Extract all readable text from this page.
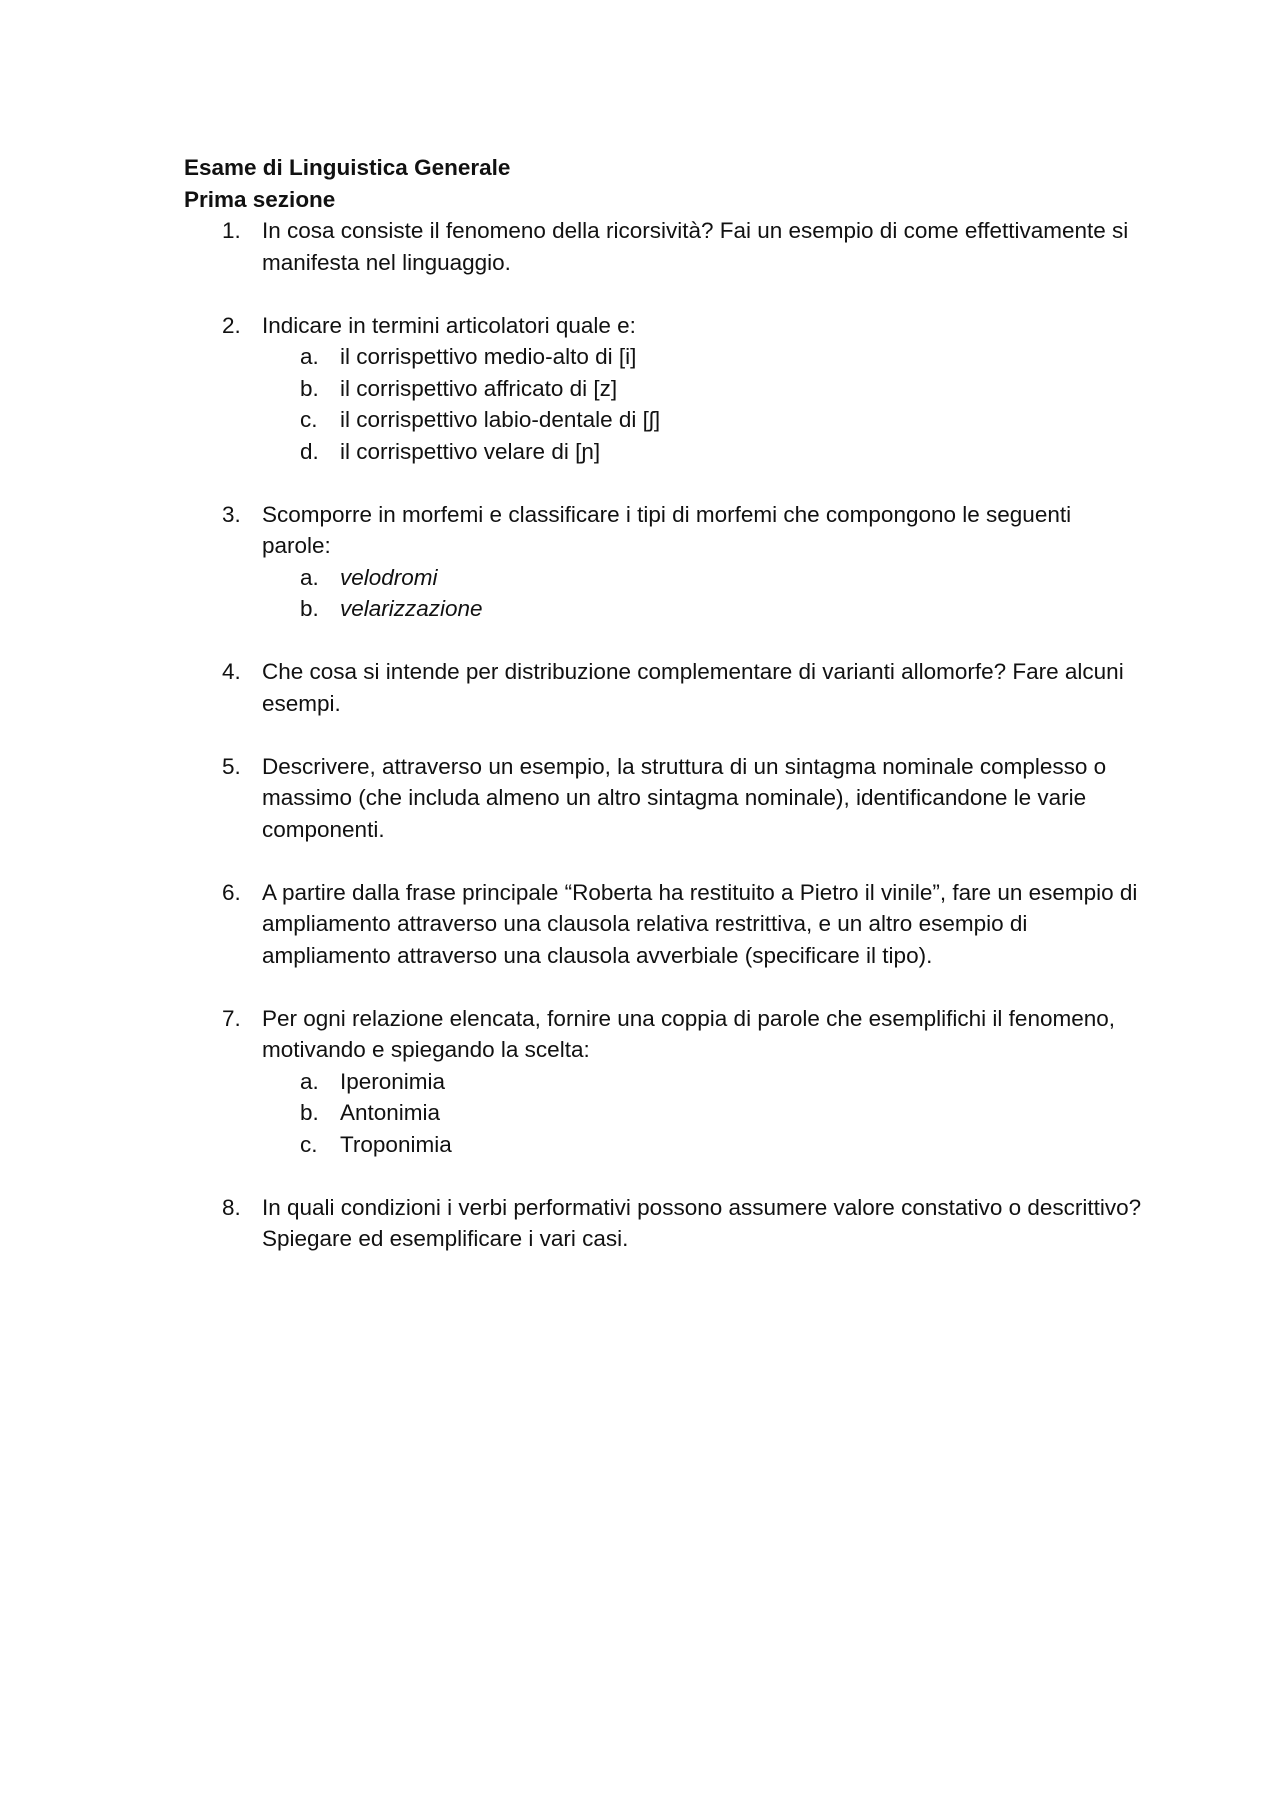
Esame di Linguistica Generale

Prima sezione

1. In cosa consiste il fenomeno della ricorsività? Fai un esempio di come effettivamente si manifesta nel linguaggio.
2. Indicare in termini articolatori quale e:
a. il corrispettivo medio-alto di [i]
b. il corrispettivo affricato di [z]
c. il corrispettivo labio-dentale di [ʃ]
d. il corrispettivo velare di [ɲ]
3. Scomporre in morfemi e classificare i tipi di morfemi che compongono le seguenti parole:
a. velodromi
b. velarizzazione
4. Che cosa si intende per distribuzione complementare di varianti allomorfe? Fare alcuni esempi.
5. Descrivere, attraverso un esempio, la struttura di un sintagma nominale complesso o massimo (che includa almeno un altro sintagma nominale), identificandone le varie componenti.
6. A partire dalla frase principale “Roberta ha restituito a Pietro il vinile”, fare un esempio di ampliamento attraverso una clausola relativa restrittiva, e un altro esempio di ampliamento attraverso una clausola avverbiale (specificare il tipo).
7. Per ogni relazione elencata, fornire una coppia di parole che esemplifichi il fenomeno, motivando e spiegando la scelta:
a. Iperonimia
b. Antonimia
c. Troponimia
8. In quali condizioni i verbi performativi possono assumere valore constativo o descrittivo? Spiegare ed esemplificare i vari casi.
